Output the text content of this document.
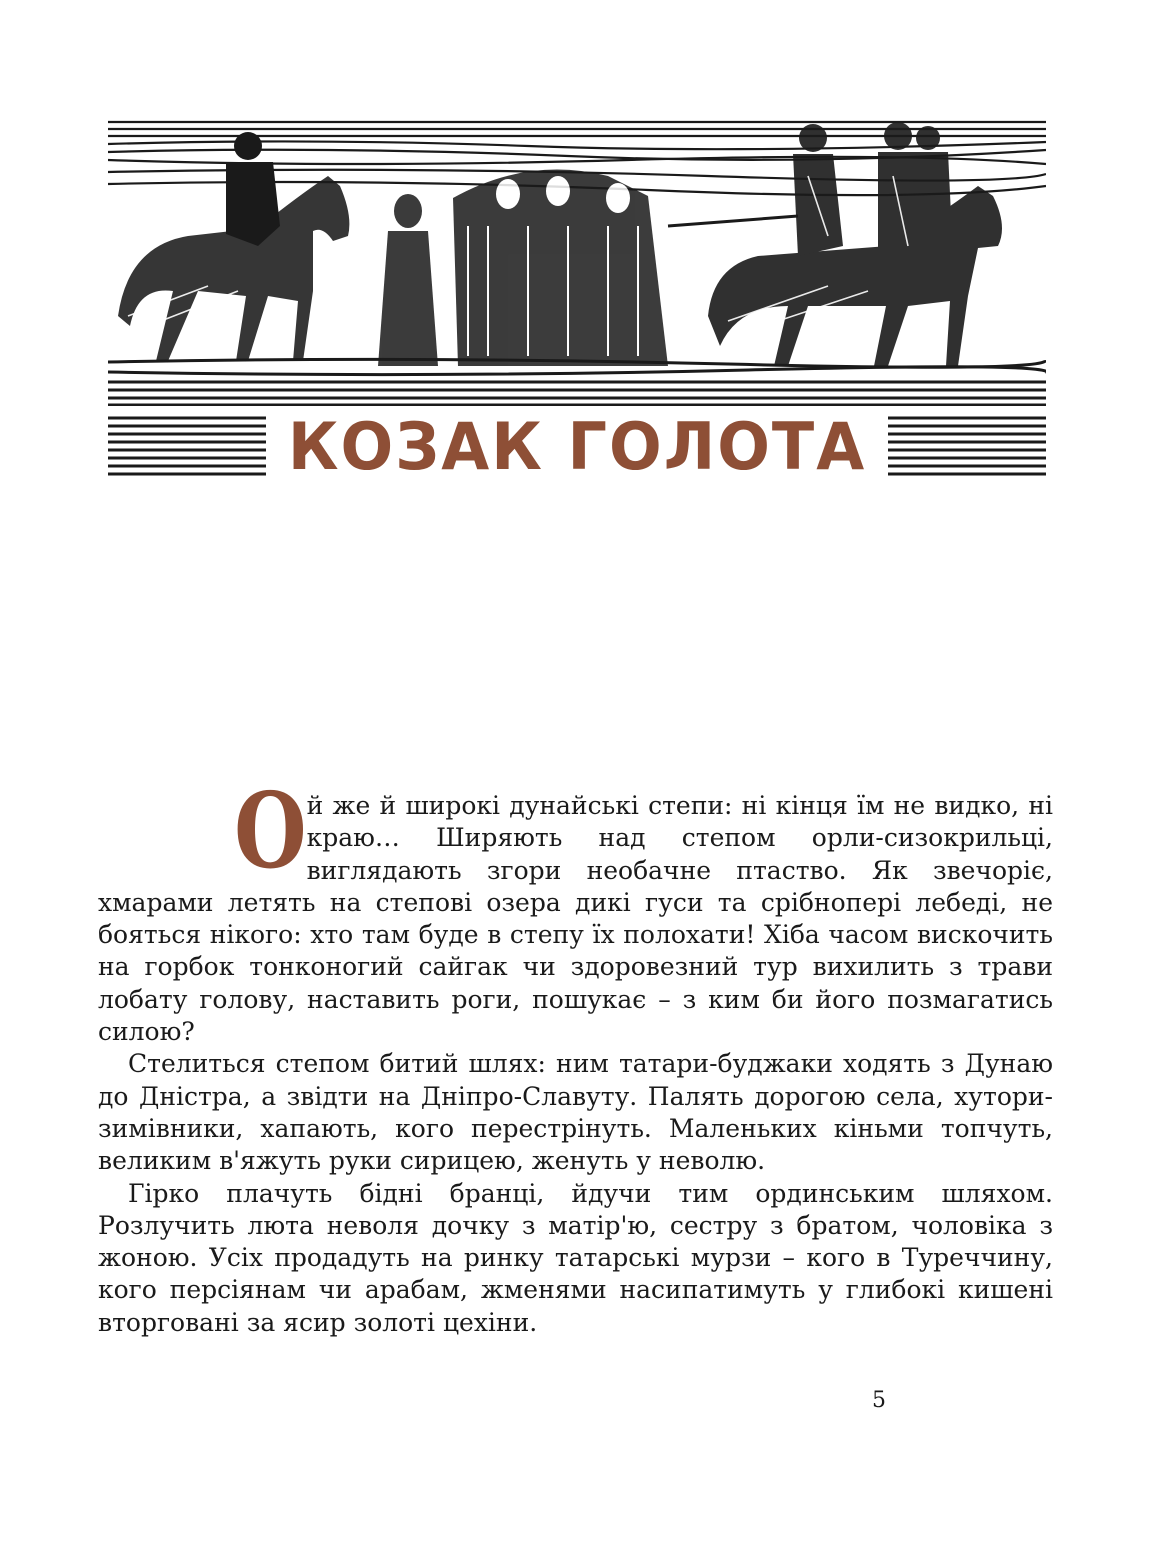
КОЗАК ГОЛОТА

Ой же й широкі дунайські степи: ні кінця їм не видко, ні краю… Ширяють над степом орли-сизокрильці, виглядають згори необачне птаство. Як звечоріє, хмарами летять на степові озера дикі гуси та срібноперi лебеді, не бояться нікого: хто там буде в степу їх полохати! Хіба часом вискочить на горбок тонконогий сайгак чи здоровезний тур вихилить з трави лобату голову, наставить роги, пошукає – з ким би його позмагатись силою?

Стелиться степом битий шлях: ним татари-буджаки ходять з Дунаю до Дністра, а звідти на Дніпро-Славуту. Палять дорогою села, хутори-зимівники, хапають, кого перестрінуть. Маленьких кіньми топчуть, великим в'яжуть руки сирицею, женуть у неволю.

Гірко плачуть бідні бранці, йдучи тим ординським шляхом. Розлучить люта неволя дочку з матір'ю, сестру з братом, чоловіка з жоною. Усіх продадуть на ринку татарські мурзи – кого в Туреччину, кого персіянам чи арабам, жменями насипатимуть у глибокі кишені вторговані за ясир золоті цехіни.

5
